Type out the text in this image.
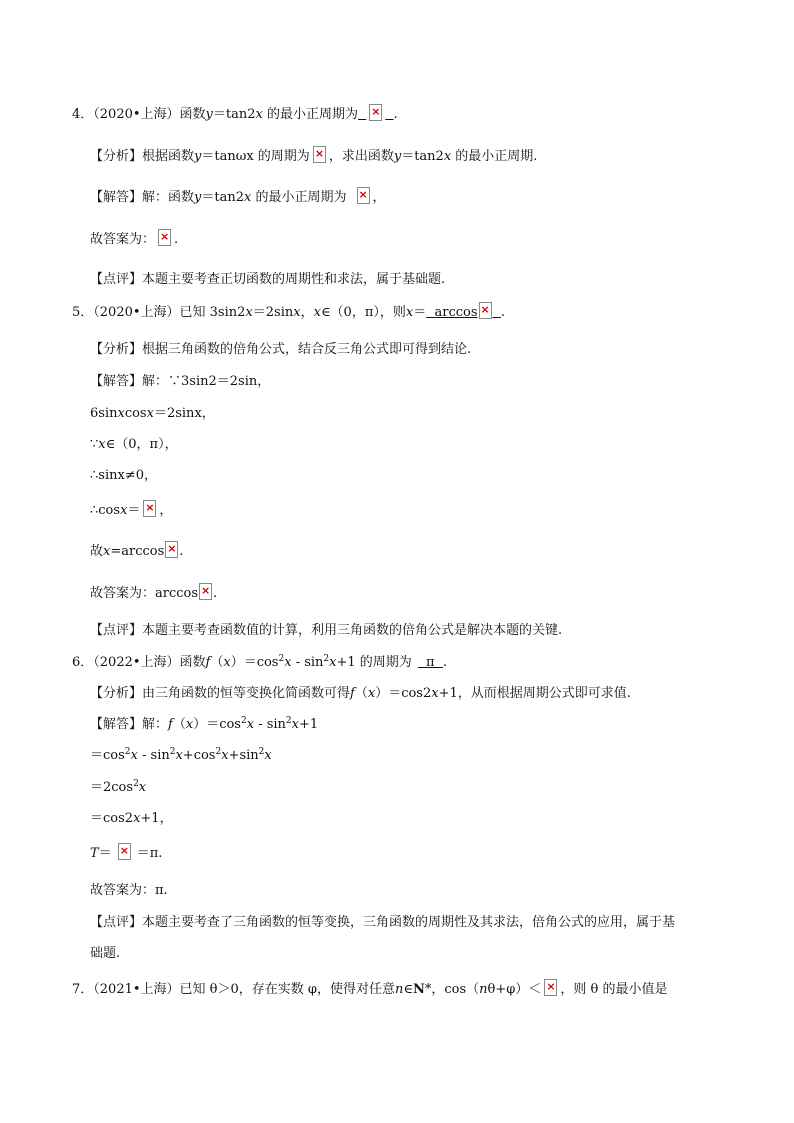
4．（2020•上海）函数y＝tan2x 的最小正周期为 ×	.
【分析】根据函数y＝tanωx 的周期为 × ，求出函数y＝tan2x 的最小正周期.
【解答】解：函数y＝tan2x 的最小正周期为 × ，
故答案为： × .
【点评】本题主要考查正切函数的周期性和求法，属于基础题.
5．（2020•上海）已知 3sin2x＝2sinx，x∈（0，π），则x＝  arccos × .
【分析】根据三角函数的倍角公式，结合反三角公式即可得到结论.
【解答】解：∵3sin2＝2sin，
6sinxcosx＝2sinx，
∵x∈（0，π），
∴sinx≠0，
∴cosx＝ × ，
故x=arccos × .
故答案为：arccos × .
【点评】本题主要考查函数值的计算，利用三角函数的倍角公式是解决本题的关键.
6．（2022•上海）函数$f(x)=\cos^2x - \sin^2x+1$ 的周期为  π  .
【分析】由三角函数的恒等变换化简函数可得f（x）＝cos2x+1，从而根据周期公式即可求值.
【解答】解：$f(x)=\cos^2x - \sin^2x+1$
$=\cos^2x - \sin^2x+\cos^2x+\sin^2x$
$=2\cos^2x$
＝cos2x+1，
T＝ × ＝π.
故答案为：π.
【点评】本题主要考查了三角函数的恒等变换，三角函数的周期性及其求法，倍角公式的应用，属于基
础题.
7．（2021•上海）已知 θ＞0，存在实数 φ，使得对任意n∈N*，cos（nθ+φ）＜ × ，则 θ 的最小值是
